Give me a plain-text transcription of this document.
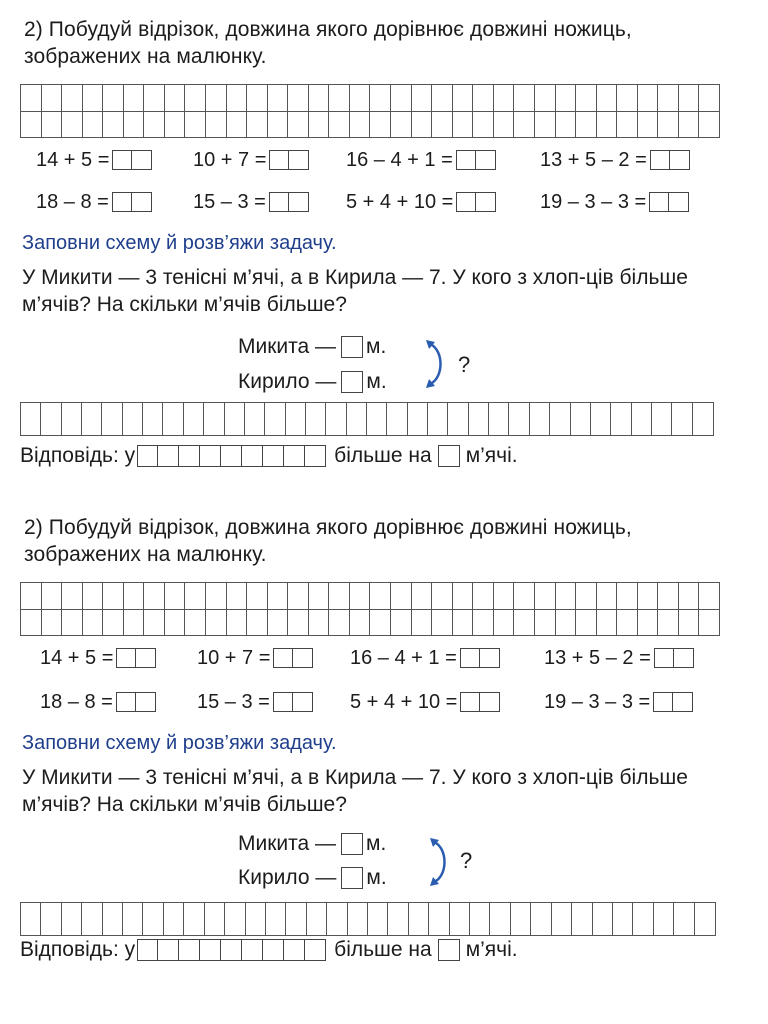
2) Побудуй відрізок, довжина якого дорівнює довжині ножиць, зображених на малюнку.
14 + 5 =	10 + 7 =	16 – 4 + 1 =	13 + 5 – 2 =
18 – 8 =	15 – 3 =	5 + 4 + 10 =	19 – 3 – 3 =
Заповни схему й розв’яжи задачу.
У Микити — 3 тенісні м’ячі, а в Кирила — 7. У кого з хлоп-ців більше м’ячів? На скільки м’ячів більше?
Микита — м.
Кирило — м.
?
Відповідь: у	більше на м’ячі.
2) Побудуй відрізок, довжина якого дорівнює довжині ножиць, зображених на малюнку.
14 + 5 =	10 + 7 =	16 – 4 + 1 =	13 + 5 – 2 =
18 – 8 =	15 – 3 =	5 + 4 + 10 =	19 – 3 – 3 =
Заповни схему й розв’яжи задачу.
У Микити — 3 тенісні м’ячі, а в Кирила — 7. У кого з хлоп-ців більше м’ячів? На скільки м’ячів більше?
Микита — м.
Кирило — м.
?
Відповідь: у	більше на м’ячі.
